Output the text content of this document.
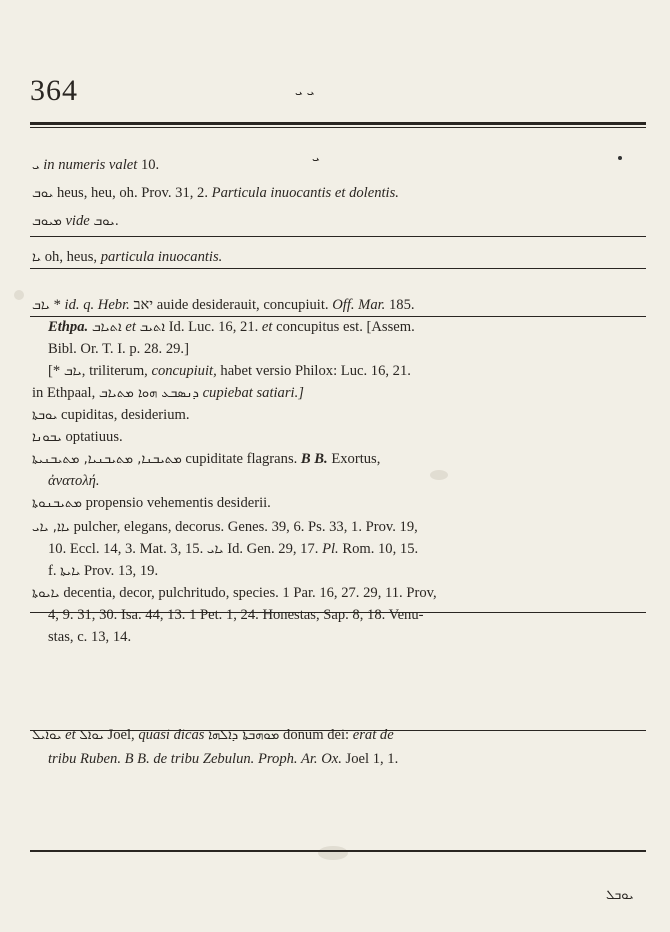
364	ܝ ܝ
ܝ
ܝ in numeris valet 10.
ܝܘܒ heus, heu, oh. Prov. 31, 2. Particula inuocantis et dolentis.
ܡܝܘܒ vide ܝܘܒ.
ܝܐ oh, heus, particula inuocantis.
ܝܐܒ * id. q. Hebr. יאב auide desiderauit, concupiuit. Off. Mar. 185.
Ethpa. ܐܬܝܐܒ et ܐܬܝܒ Id. Luc. 16, 21. et concupitus est. [Assem.
Bibl. Or. T. I. p. 28. 29.]
[* ܝܐܒ, triliterum, concupiuit, habet versio Philox: Luc. 16, 21.
in Ethpaal, ܕܢܣܒܥ ܗܘܐ ܡܬܝܐܒ cupiebat satiari.]
ܝܘܒܬܐ cupiditas, desiderium.
ܝܒܘܢܐ optatiuus.
ܡܬܝܒܢܐ, ܡܬܝܒܢܝܐ, ܡܬܝܒܢܝܬܐ cupiditate flagrans. B B. Exortus,
ἀνατολή.
ܡܬܝܒܢܘܬܐ propensio vehementis desiderii.
ܝܐܐ, ܝܐܝ pulcher, elegans, decorus. Genes. 39, 6. Ps. 33, 1. Prov. 19,
10. Eccl. 14, 3. Mat. 3, 15. ܝܐܝ Id. Gen. 29, 17. Pl. Rom. 10, 15.
f. ܝܐܝܬܐ Prov. 13, 19.
ܝܐܝܘܬܐ decentia, decor, pulchritudo, species. 1 Par. 16, 27. 29, 11. Prov,
4, 9. 31, 30. Isa. 44, 13. 1 Pet. 1, 24. Honestas, Sap. 8, 18. Venu-
stas, c. 13, 14.
ܝܘܐܝܠ et ܝܘܐܠ Joel, quasi dicas ܡܘܗܒܬܐ ܕܐܠܗܐ donum dei: erat de
tribu Ruben. B B. de tribu Zebulun. Proph. Ar. Ox. Joel 1, 1.
ܝܘܒܠ
